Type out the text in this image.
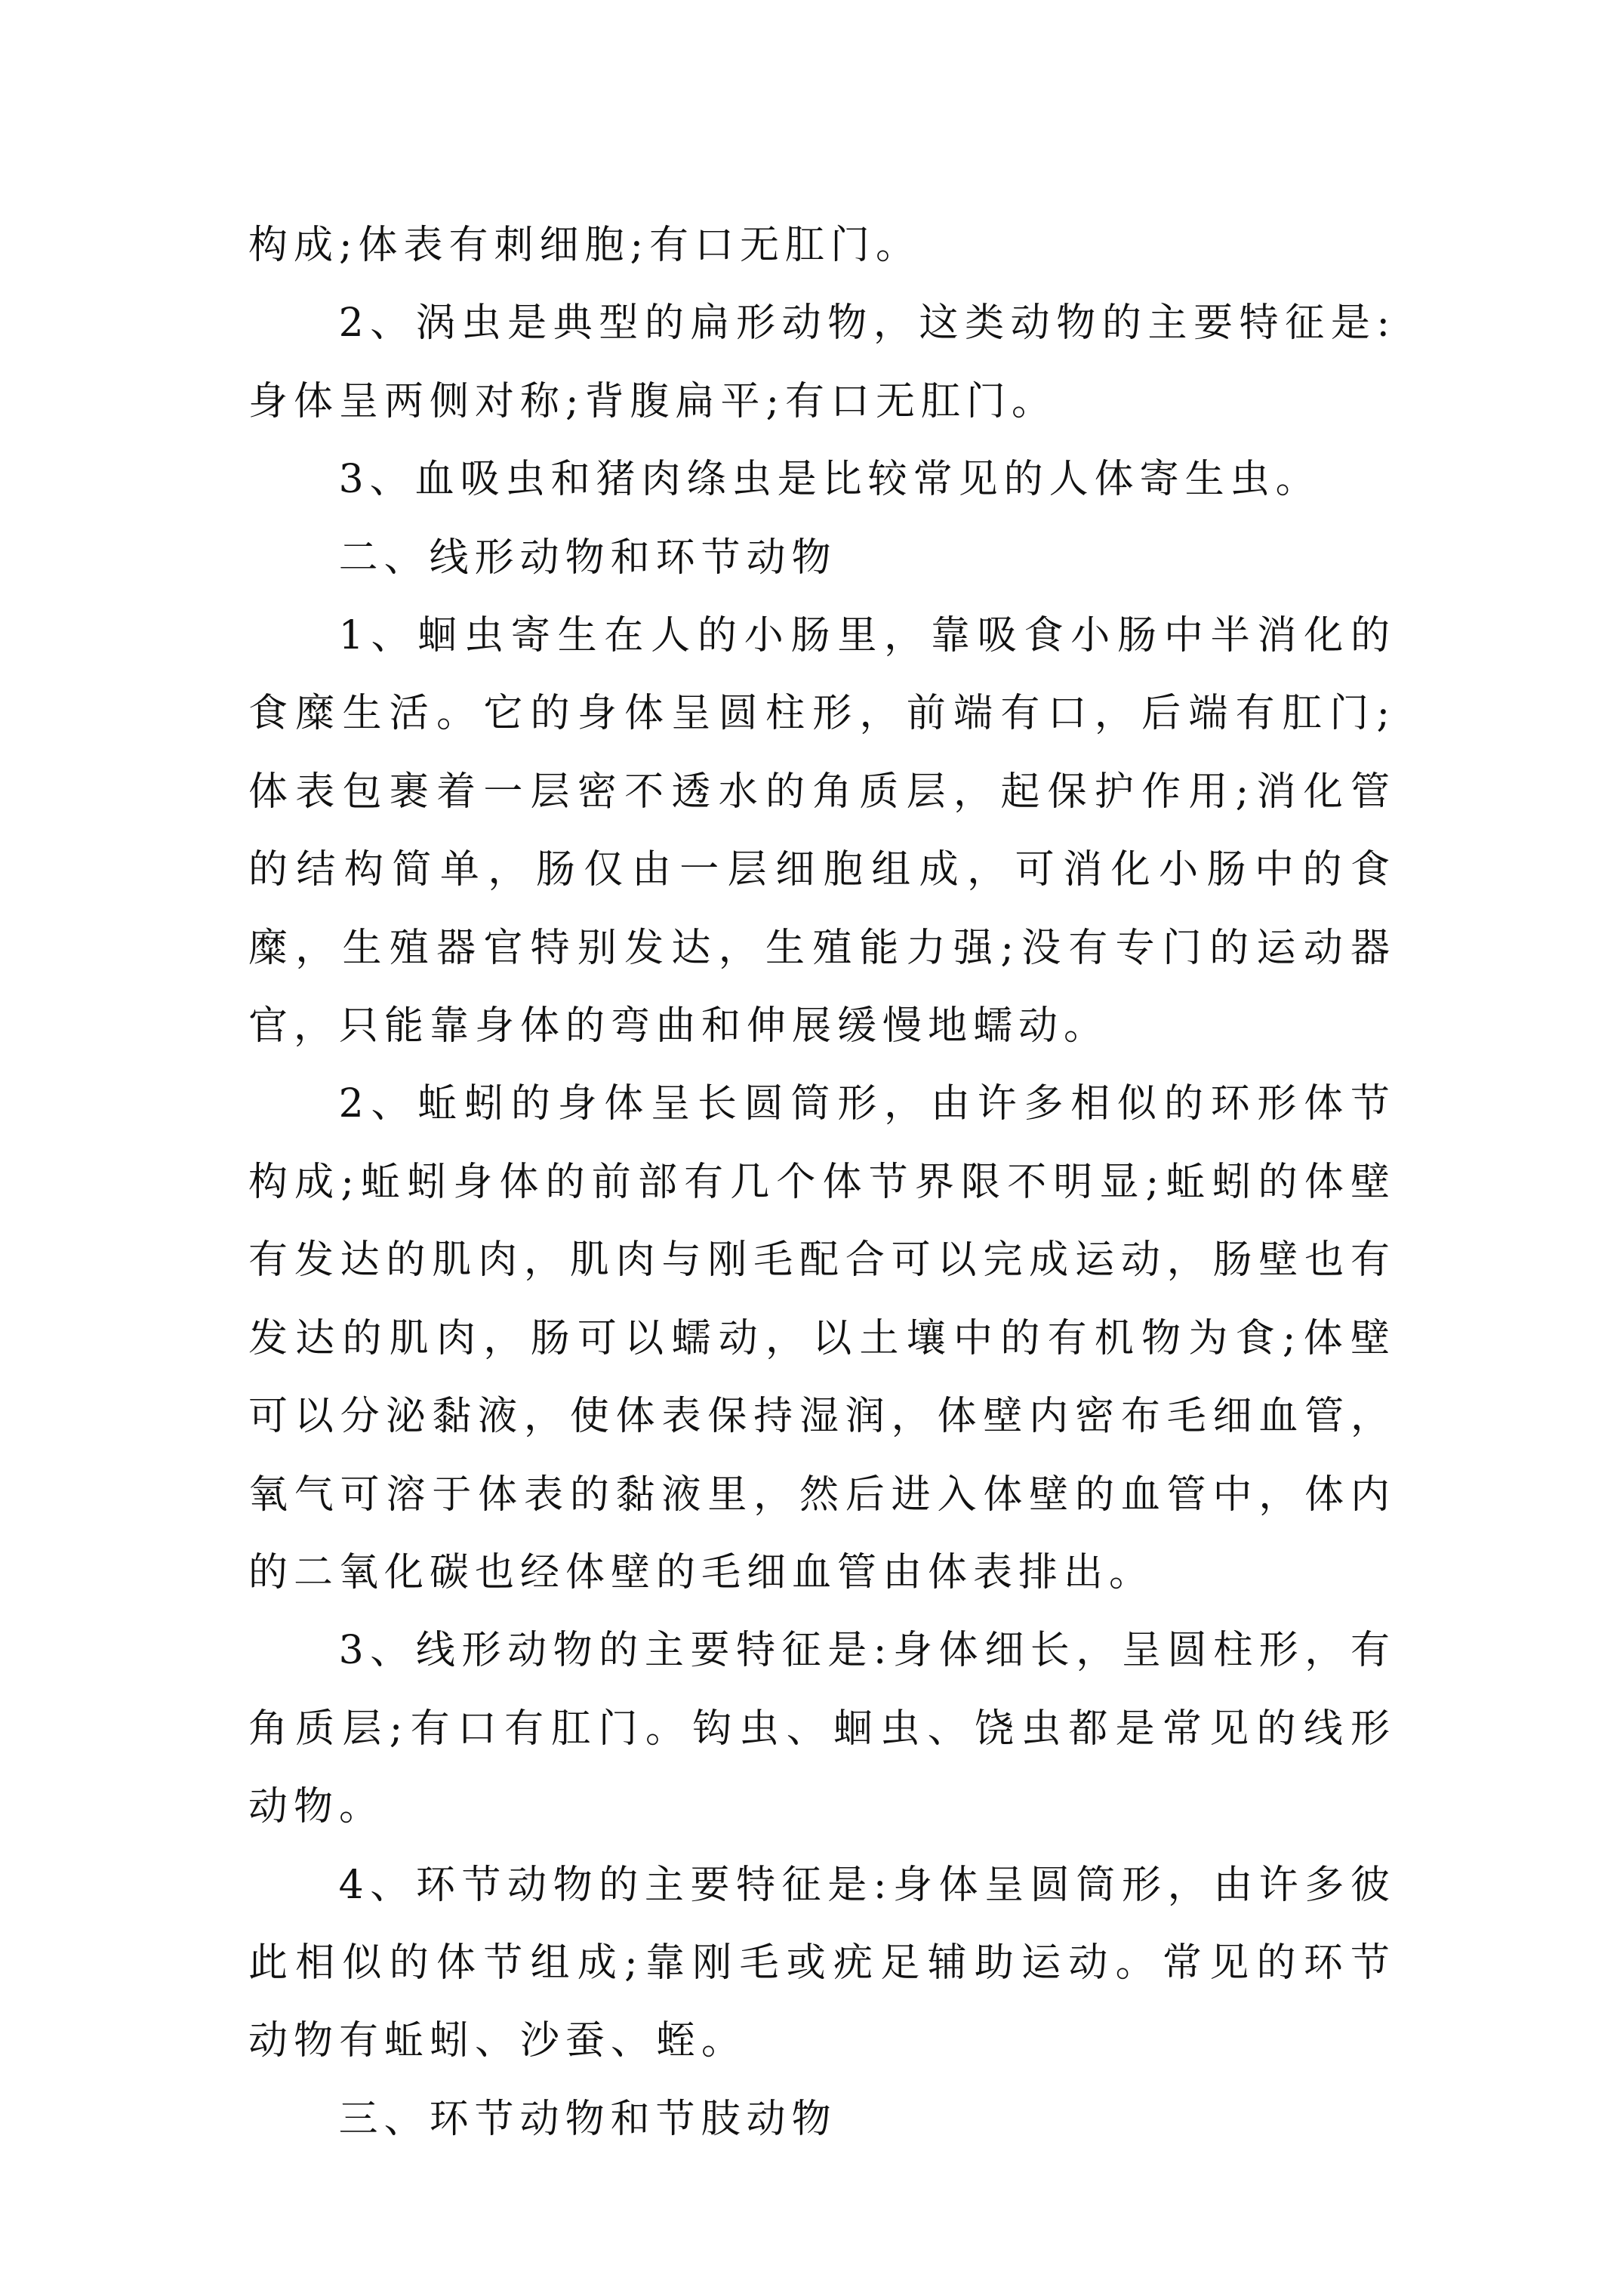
构成;体表有刺细胞;有口无肛门。

2、涡虫是典型的扁形动物，这类动物的主要特征是:身体呈两侧对称;背腹扁平;有口无肛门。

3、血吸虫和猪肉绦虫是比较常见的人体寄生虫。

二、线形动物和环节动物

1、蛔虫寄生在人的小肠里，靠吸食小肠中半消化的食糜生活。它的身体呈圆柱形，前端有口，后端有肛门;体表包裹着一层密不透水的角质层，起保护作用;消化管的结构简单，肠仅由一层细胞组成，可消化小肠中的食糜，生殖器官特别发达，生殖能力强;没有专门的运动器官，只能靠身体的弯曲和伸展缓慢地蠕动。

2、蚯蚓的身体呈长圆筒形，由许多相似的环形体节构成;蚯蚓身体的前部有几个体节界限不明显;蚯蚓的体壁有发达的肌肉，肌肉与刚毛配合可以完成运动，肠壁也有发达的肌肉，肠可以蠕动，以土壤中的有机物为食;体壁可以分泌黏液，使体表保持湿润，体壁内密布毛细血管，氧气可溶于体表的黏液里，然后进入体壁的血管中，体内的二氧化碳也经体壁的毛细血管由体表排出。

3、线形动物的主要特征是:身体细长，呈圆柱形，有角质层;有口有肛门。钩虫、蛔虫、饶虫都是常见的线形动物。

4、环节动物的主要特征是:身体呈圆筒形，由许多彼此相似的体节组成;靠刚毛或疣足辅助运动。常见的环节动物有蚯蚓、沙蚕、蛭。

三、环节动物和节肢动物
